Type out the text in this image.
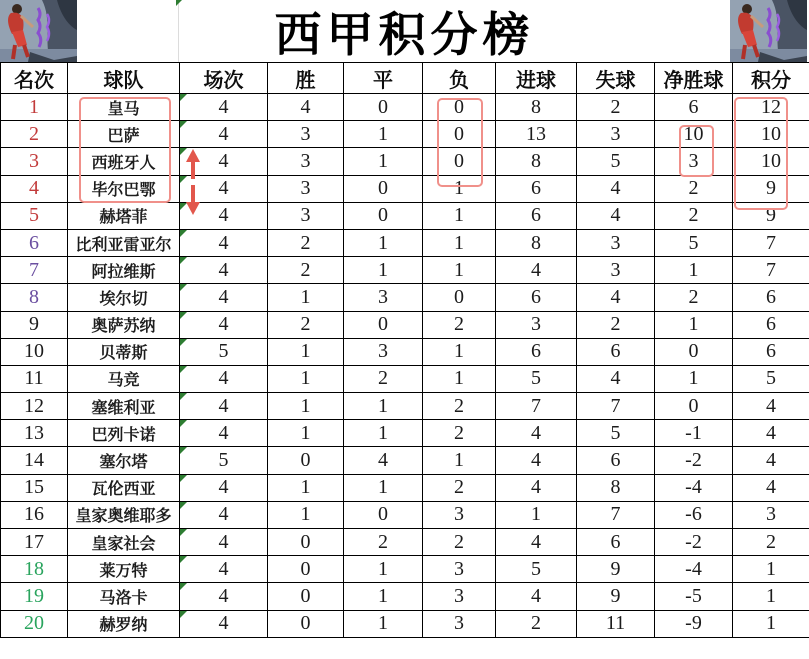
西甲积分榜
名次	球队	场次	胜	平	负	进球	失球	净胜球	积分
1	皇马	4	4	0	0	8	2	6	12
2	巴萨	4	3	1	0	13	3	10	10
3	西班牙人	4	3	1	0	8	5	3	10
4	毕尔巴鄂	4	3	0	1	6	4	2	9
5	赫塔菲	4	3	0	1	6	4	2	9
6	比利亚雷亚尔	4	2	1	1	8	3	5	7
7	阿拉维斯	4	2	1	1	4	3	1	7
8	埃尔切	4	1	3	0	6	4	2	6
9	奥萨苏纳	4	2	0	2	3	2	1	6
10	贝蒂斯	5	1	3	1	6	6	0	6
11	马竞	4	1	2	1	5	4	1	5
12	塞维利亚	4	1	1	2	7	7	0	4
13	巴列卡诺	4	1	1	2	4	5	-1	4
14	塞尔塔	5	0	4	1	4	6	-2	4
15	瓦伦西亚	4	1	1	2	4	8	-4	4
16	皇家奥维耶多	4	1	0	3	1	7	-6	3
17	皇家社会	4	0	2	2	4	6	-2	2
18	莱万特	4	0	1	3	5	9	-4	1
19	马洛卡	4	0	1	3	4	9	-5	1
20	赫罗纳	4	0	1	3	2	11	-9	1
